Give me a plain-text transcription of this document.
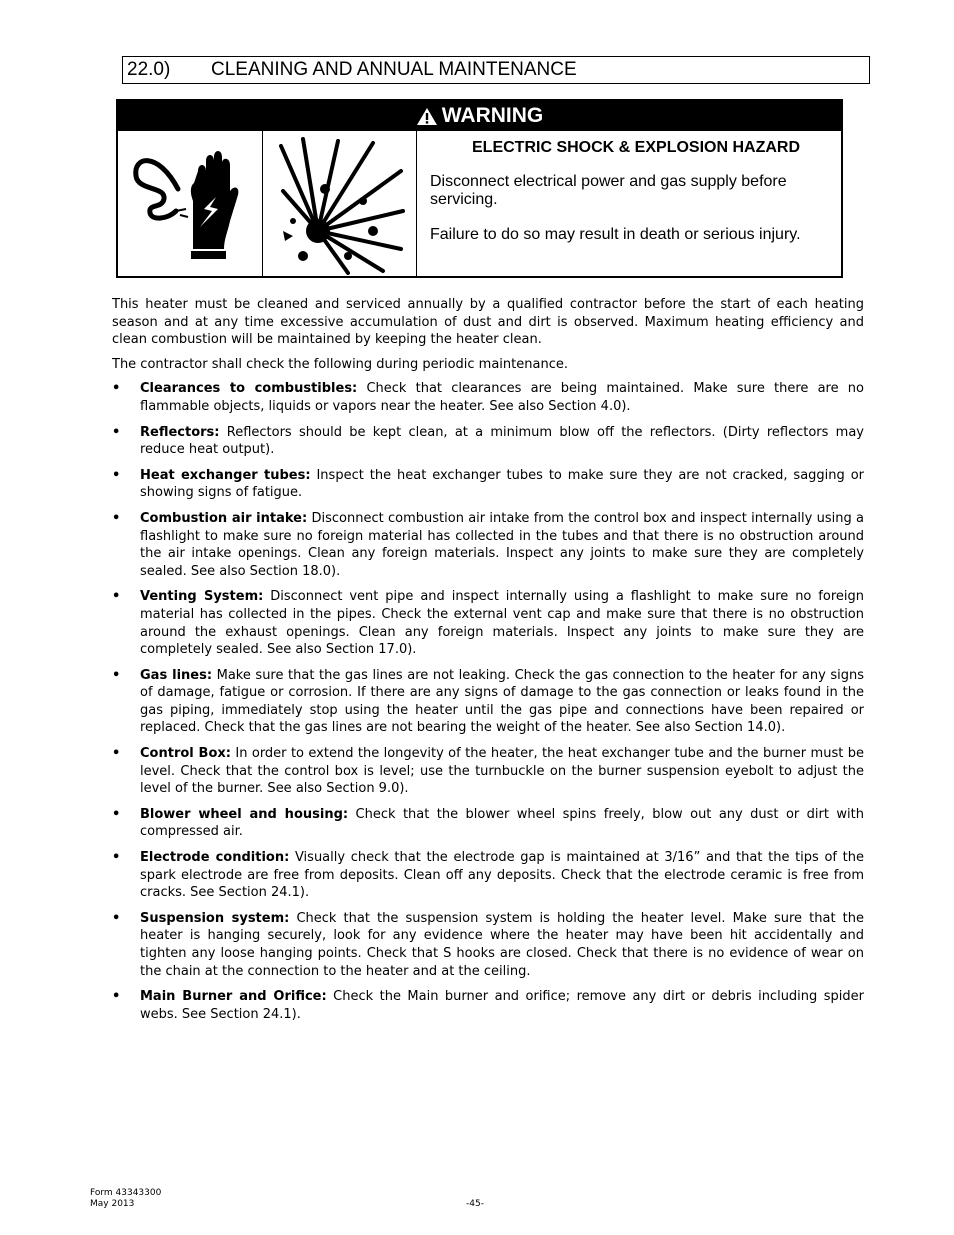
22.0) CLEANING AND ANNUAL MAINTENANCE
WARNING
ELECTRIC SHOCK & EXPLOSION HAZARD
Disconnect electrical power and gas supply before servicing.
Failure to do so may result in death or serious injury.

This heater must be cleaned and serviced annually by a qualified contractor before the start of each heating season and at any time excessive accumulation of dust and dirt is observed. Maximum heating efficiency and clean combustion will be maintained by keeping the heater clean.

The contractor shall check the following during periodic maintenance.

• Clearances to combustibles: Check that clearances are being maintained. Make sure there are no flammable objects, liquids or vapors near the heater. See also Section 4.0).
• Reflectors: Reflectors should be kept clean, at a minimum blow off the reflectors. (Dirty reflectors may reduce heat output).
• Heat exchanger tubes: Inspect the heat exchanger tubes to make sure they are not cracked, sagging or showing signs of fatigue.
• Combustion air intake: Disconnect combustion air intake from the control box and inspect internally using a flashlight to make sure no foreign material has collected in the tubes and that there is no obstruction around the air intake openings. Clean any foreign materials. Inspect any joints to make sure they are completely sealed. See also Section 18.0).
• Venting System: Disconnect vent pipe and inspect internally using a flashlight to make sure no foreign material has collected in the pipes. Check the external vent cap and make sure that there is no obstruction around the exhaust openings. Clean any foreign materials. Inspect any joints to make sure they are completely sealed. See also Section 17.0).
• Gas lines: Make sure that the gas lines are not leaking. Check the gas connection to the heater for any signs of damage, fatigue or corrosion. If there are any signs of damage to the gas connection or leaks found in the gas piping, immediately stop using the heater until the gas pipe and connections have been repaired or replaced. Check that the gas lines are not bearing the weight of the heater. See also Section 14.0).
• Control Box: In order to extend the longevity of the heater, the heat exchanger tube and the burner must be level. Check that the control box is level; use the turnbuckle on the burner suspension eyebolt to adjust the level of the burner. See also Section 9.0).
• Blower wheel and housing: Check that the blower wheel spins freely, blow out any dust or dirt with compressed air.
• Electrode condition: Visually check that the electrode gap is maintained at 3/16” and that the tips of the spark electrode are free from deposits. Clean off any deposits. Check that the electrode ceramic is free from cracks. See Section 24.1).
• Suspension system: Check that the suspension system is holding the heater level. Make sure that the heater is hanging securely, look for any evidence where the heater may have been hit accidentally and tighten any loose hanging points. Check that S hooks are closed. Check that there is no evidence of wear on the chain at the connection to the heater and at the ceiling.
• Main Burner and Orifice: Check the Main burner and orifice; remove any dirt or debris including spider webs. See Section 24.1).
Form 43343300
May 2013	-45-
